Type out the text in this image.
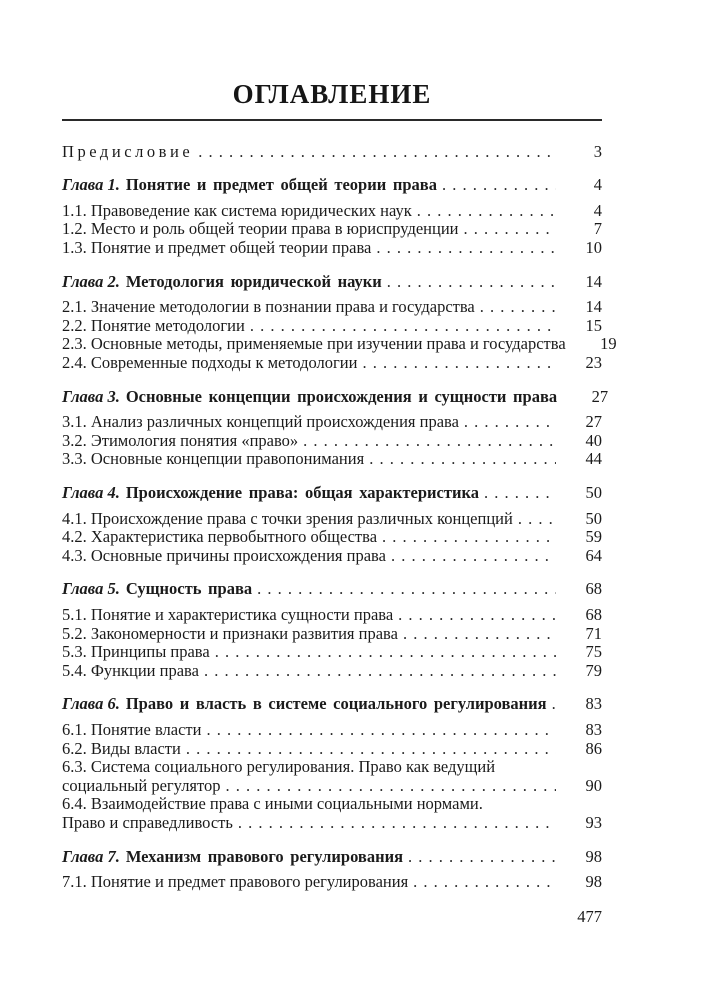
ОГЛАВЛЕНИЕ
Предисловие . . .	3
Глава 1. Понятие и предмет общей теории права . . .	4
1.1. Правоведение как система юридических наук . . .	4
1.2. Место и роль общей теории права в юриспруденции . . .	7
1.3. Понятие и предмет общей теории права . . .	10
Глава 2. Методология юридической науки . . .	14
2.1. Значение методологии в познании права и государства . . .	14
2.2. Понятие методологии . . .	15
2.3. Основные методы, применяемые при изучении права и государства	19
2.4. Современные подходы к методологии . . .	23
Глава 3. Основные концепции происхождения и сущности права	27
3.1. Анализ различных концепций происхождения права . . .	27
3.2. Этимология понятия «право» . . .	40
3.3. Основные концепции правопонимания . . .	44
Глава 4. Происхождение права: общая характеристика . . .	50
4.1. Происхождение права с точки зрения различных концепций . . .	50
4.2. Характеристика первобытного общества . . .	59
4.3. Основные причины происхождения права . . .	64
Глава 5. Сущность права . . .	68
5.1. Понятие и характеристика сущности права . . .	68
5.2. Закономерности и признаки развития права . . .	71
5.3. Принципы права . . .	75
5.4. Функции права . . .	79
Глава 6. Право и власть в системе социального регулирования . . .	83
6.1. Понятие власти . . .	83
6.2. Виды власти . . .	86
6.3. Система социального регулирования. Право как ведущий
социальный регулятор . . .	90
6.4. Взаимодействие права с иными социальными нормами.
Право и справедливость . . .	93
Глава 7. Механизм правового регулирования . . .	98
7.1. Понятие и предмет правового регулирования . . .	98
477
